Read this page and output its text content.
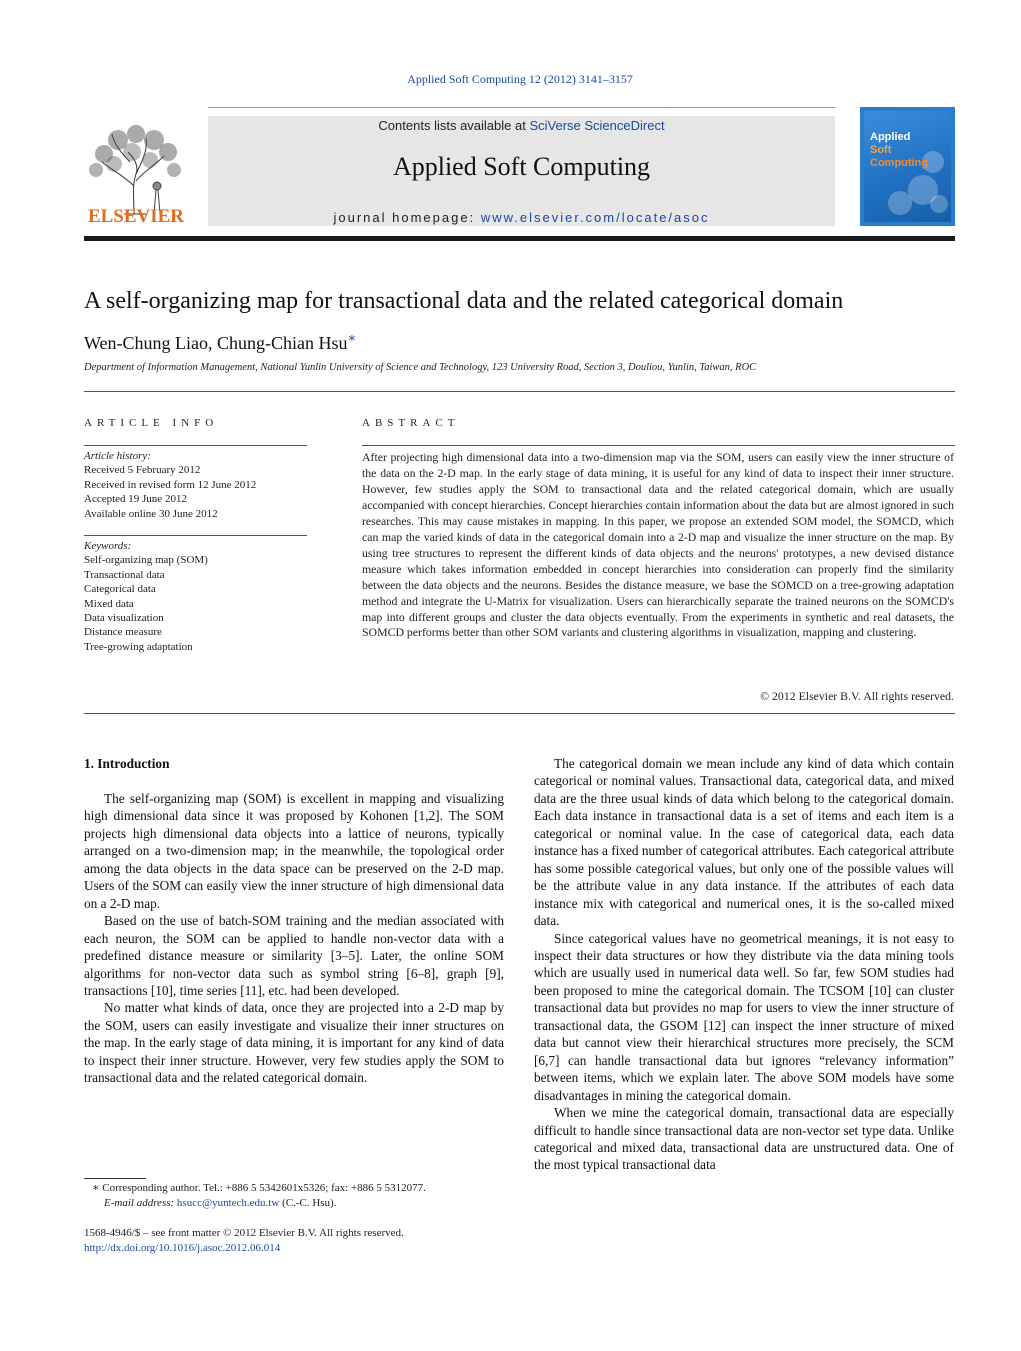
Applied Soft Computing 12 (2012) 3141–3157
ELSEVIER
Contents lists available at SciVerse ScienceDirect
Applied Soft Computing
journal homepage: www.elsevier.com/locate/asoc
Applied
Soft
Computing
A self-organizing map for transactional data and the related categorical domain
Wen-Chung Liao, Chung-Chian Hsu∗
Department of Information Management, National Yunlin University of Science and Technology, 123 University Road, Section 3, Douliou, Yunlin, Taiwan, ROC
ARTICLE INFO
Article history:
Received 5 February 2012
Received in revised form 12 June 2012
Accepted 19 June 2012
Available online 30 June 2012
Keywords:
Self-organizing map (SOM)
Transactional data
Categorical data
Mixed data
Data visualization
Distance measure
Tree-growing adaptation
ABSTRACT
After projecting high dimensional data into a two-dimension map via the SOM, users can easily view the inner structure of the data on the 2-D map. In the early stage of data mining, it is useful for any kind of data to inspect their inner structure. However, few studies apply the SOM to transactional data and the related categorical domain, which are usually accompanied with concept hierarchies. Concept hierarchies contain information about the data but are almost ignored in such researches. This may cause mistakes in mapping. In this paper, we propose an extended SOM model, the SOMCD, which can map the varied kinds of data in the categorical domain into a 2-D map and visualize the inner structure on the map. By using tree structures to represent the different kinds of data objects and the neurons' prototypes, a new devised distance measure which takes information embedded in concept hierarchies into consideration can properly find the similarity between the data objects and the neurons. Besides the distance measure, we base the SOMCD on a tree-growing adaptation method and integrate the U-Matrix for visualization. Users can hierarchically separate the trained neurons on the SOMCD's map into different groups and cluster the data objects eventually. From the experiments in synthetic and real datasets, the SOMCD performs better than other SOM variants and clustering algorithms in visualization, mapping and clustering.
© 2012 Elsevier B.V. All rights reserved.
1. Introduction

The self-organizing map (SOM) is excellent in mapping and visualizing high dimensional data since it was proposed by Kohonen [1,2]. The SOM projects high dimensional data objects into a lattice of neurons, typically arranged on a two-dimension map; in the meanwhile, the topological order among the data objects in the data space can be preserved on the 2-D map. Users of the SOM can easily view the inner structure of high dimensional data on a 2-D map.

Based on the use of batch-SOM training and the median associated with each neuron, the SOM can be applied to handle non-vector data with a predefined distance measure or similarity [3–5]. Later, the online SOM algorithms for non-vector data such as symbol string [6–8], graph [9], transactions [10], time series [11], etc. had been developed.

No matter what kinds of data, once they are projected into a 2-D map by the SOM, users can easily investigate and visualize their inner structures on the map. In the early stage of data mining, it is important for any kind of data to inspect their inner structure. However, very few studies apply the SOM to transactional data and the related categorical domain.

The categorical domain we mean include any kind of data which contain categorical or nominal values. Transactional data, categorical data, and mixed data are the three usual kinds of data which belong to the categorical domain. Each data instance in transactional data is a set of items and each item is a categorical or nominal value. In the case of categorical data, each data instance has a fixed number of categorical attributes. Each categorical attribute has some possible categorical values, but only one of the possible values will be the attribute value in any data instance. If the attributes of each data instance mix with categorical and numerical ones, it is the so-called mixed data.

Since categorical values have no geometrical meanings, it is not easy to inspect their data structures or how they distribute via the data mining tools which are usually used in numerical data well. So far, few SOM studies had been proposed to mine the categorical domain. The TCSOM [10] can cluster transactional data but provides no map for users to view the inner structure of transactional data, the GSOM [12] can inspect the inner structure of mixed data but cannot view their hierarchical structures more precisely, the SCM [6,7] can handle transactional data but ignores “relevancy information” between items, which we explain later. The above SOM models have some disadvantages in mining the categorical domain.

When we mine the categorical domain, transactional data are especially difficult to handle since transactional data are non-vector set type data. Unlike categorical and mixed data, transactional data are unstructured data. One of the most typical transactional data

∗ Corresponding author. Tel.: +886 5 5342601x5326; fax: +886 5 5312077.
E-mail address: hsucc@yuntech.edu.tw (C.-C. Hsu).
1568-4946/$ – see front matter © 2012 Elsevier B.V. All rights reserved.
http://dx.doi.org/10.1016/j.asoc.2012.06.014
